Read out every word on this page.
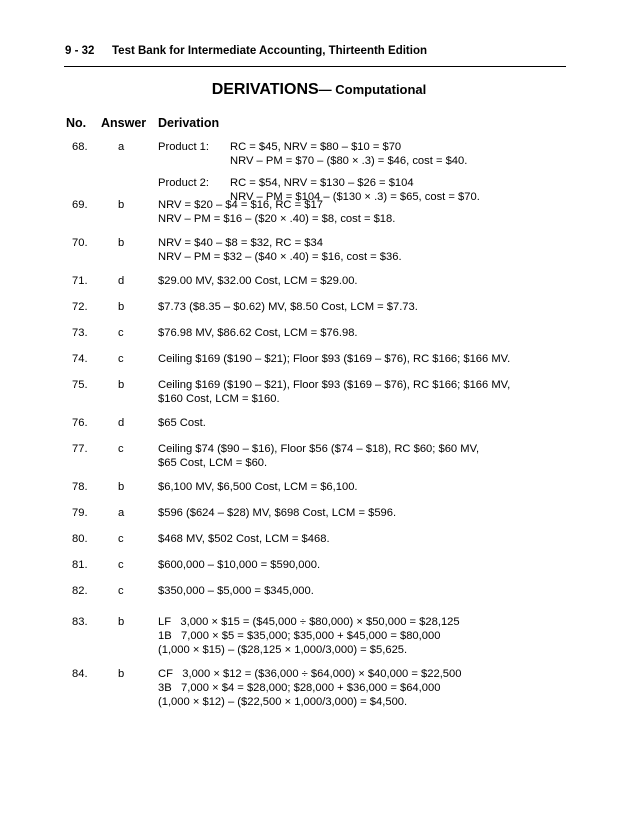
9 - 32 Test Bank for Intermediate Accounting, Thirteenth Edition
DERIVATIONS— Computational
No. Answer Derivation
68.	a	Product 1:	RC = $45, NRV = $80 – $10 = $70
NRV – PM = $70 – ($80 × .3) = $46, cost = $40.
Product 2:	RC = $54, NRV = $130 – $26 = $104
NRV – PM = $104 – ($130 × .3) = $65, cost = $70.
69.	b	NRV = $20 – $4 = $16, RC = $17
NRV – PM = $16 – ($20 × .40) = $8, cost = $18.
70.	b	NRV = $40 – $8 = $32, RC = $34
NRV – PM = $32 – ($40 × .40) = $16, cost = $36.
71.	d	$29.00 MV, $32.00 Cost, LCM = $29.00.
72.	b	$7.73 ($8.35 – $0.62) MV, $8.50 Cost, LCM = $7.73.
73.	c	$76.98 MV, $86.62 Cost, LCM = $76.98.
74.	c	Ceiling $169 ($190 – $21); Floor $93 ($169 – $76), RC $166; $166 MV.
75.	b	Ceiling $169 ($190 – $21), Floor $93 ($169 – $76), RC $166; $166 MV,
$160 Cost, LCM = $160.
76.	d	$65 Cost.
77.	c	Ceiling $74 ($90 – $16), Floor $56 ($74 – $18), RC $60; $60 MV,
$65 Cost, LCM = $60.
78.	b	$6,100 MV, $6,500 Cost, LCM = $6,100.
79.	a	$596 ($624 – $28) MV, $698 Cost, LCM = $596.
80.	c	$468 MV, $502 Cost, LCM = $468.
81.	c	$600,000 – $10,000 = $590,000.
82.	c	$350,000 – $5,000 = $345,000.
83.	b	LF   3,000 × $15 = ($45,000 ÷ $80,000) × $50,000 = $28,125
1B   7,000 × $5 = $35,000; $35,000 + $45,000 = $80,000
(1,000 × $15) – ($28,125 × 1,000/3,000) = $5,625.
84.	b	CF   3,000 × $12 = ($36,000 ÷ $64,000) × $40,000 = $22,500
3B   7,000 × $4 = $28,000; $28,000 + $36,000 = $64,000
(1,000 × $12) – ($22,500 × 1,000/3,000) = $4,500.
